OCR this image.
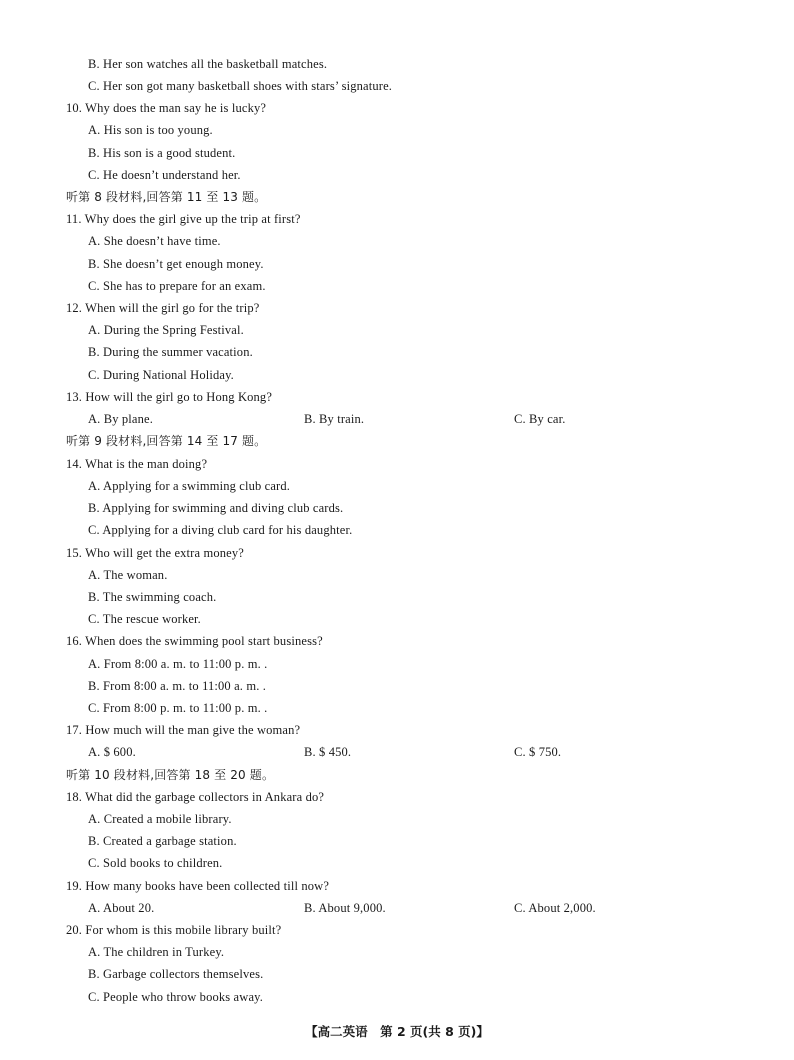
B. Her son watches all the basketball matches.
C. Her son got many basketball shoes with stars’ signature.
10. Why does the man say he is lucky?
A. His son is too young.
B. His son is a good student.
C. He doesn’t understand her.
听第 8 段材料,回答第 11 至 13 题。
11. Why does the girl give up the trip at first?
A. She doesn’t have time.
B. She doesn’t get enough money.
C. She has to prepare for an exam.
12. When will the girl go for the trip?
A. During the Spring Festival.
B. During the summer vacation.
C. During National Holiday.
13. How will the girl go to Hong Kong?
A. By plane.	B. By train.	C. By car.
听第 9 段材料,回答第 14 至 17 题。
14. What is the man doing?
A. Applying for a swimming club card.
B. Applying for swimming and diving club cards.
C. Applying for a diving club card for his daughter.
15. Who will get the extra money?
A. The woman.
B. The swimming coach.
C. The rescue worker.
16. When does the swimming pool start business?
A. From 8:00 a. m. to 11:00 p. m. .
B. From 8:00 a. m. to 11:00 a. m. .
C. From 8:00 p. m. to 11:00 p. m. .
17. How much will the man give the woman?
A. $ 600.	B. $ 450.	C. $ 750.
听第 10 段材料,回答第 18 至 20 题。
18. What did the garbage collectors in Ankara do?
A. Created a mobile library.
B. Created a garbage station.
C. Sold books to children.
19. How many books have been collected till now?
A. About 20.	B. About 9,000.	C. About 2,000.
20. For whom is this mobile library built?
A. The children in Turkey.
B. Garbage collectors themselves.
C. People who throw books away.
【高二英语　第 2 页(共 8 页)】
